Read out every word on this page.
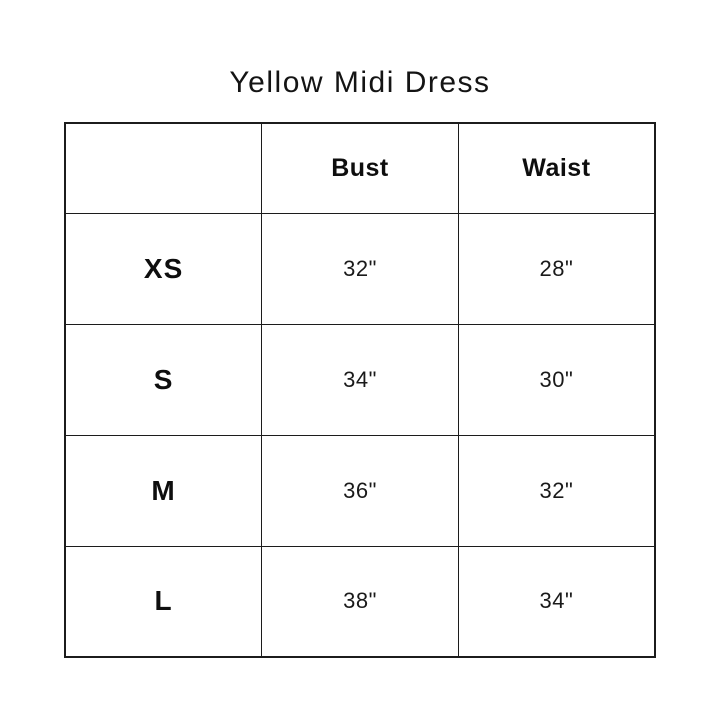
Yellow Midi Dress
	Bust	Waist
XS	32"	28"
S	34"	30"
M	36"	32"
L	38"	34"
